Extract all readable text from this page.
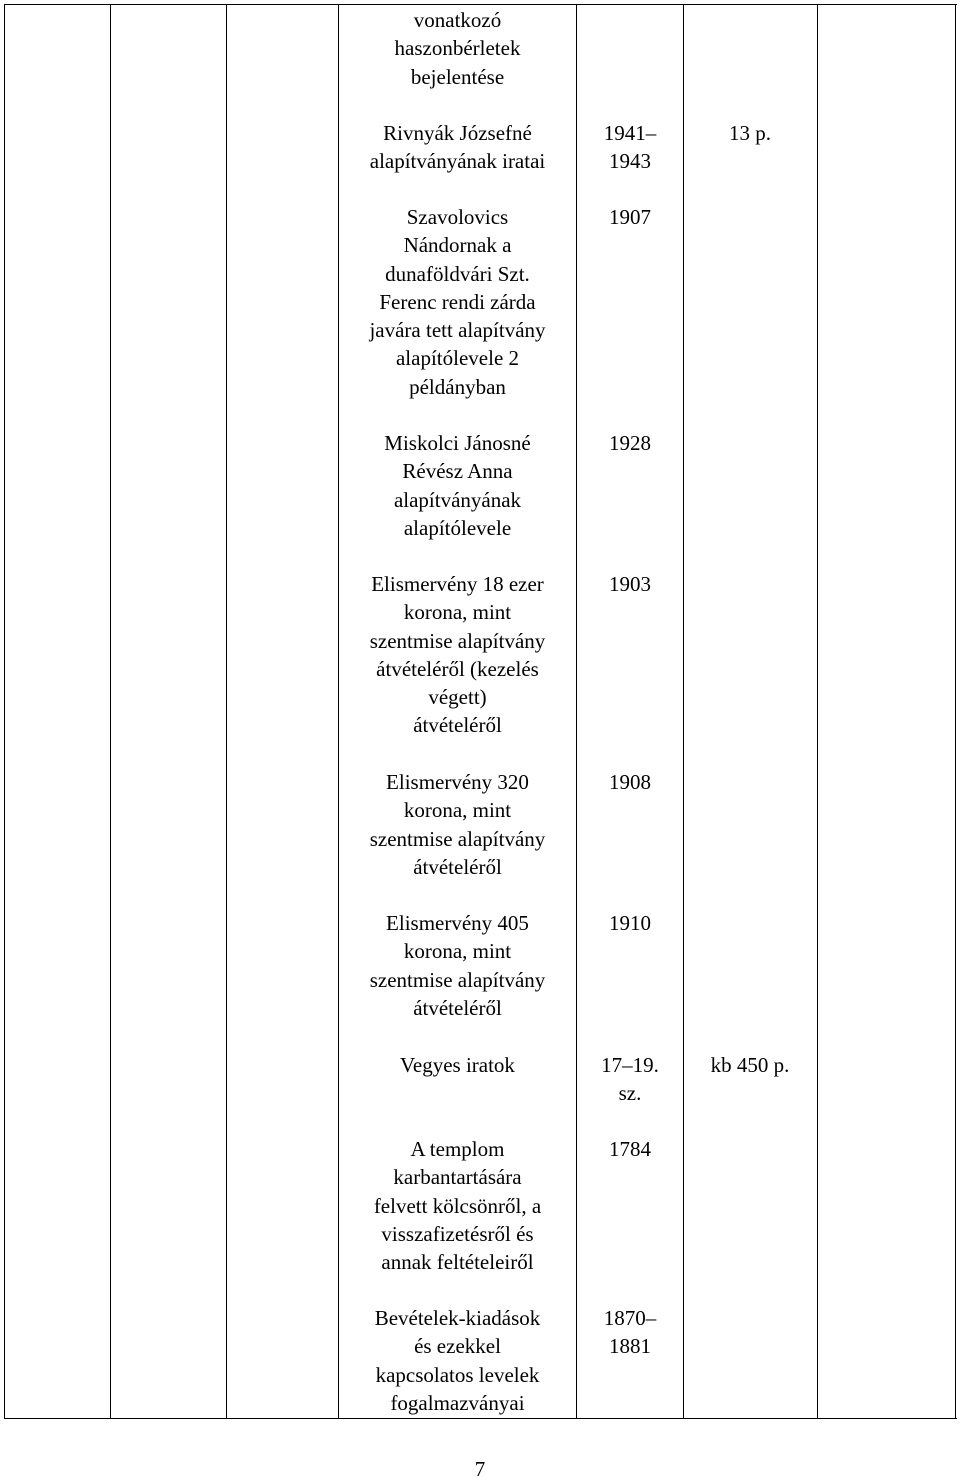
vonatkozó
haszonbérletek
bejelentése
Rivnyák Józsefné
alapítványának iratai
1941–
1943
13 p.
Szavolovics
Nándornak a
dunaföldvári Szt.
Ferenc rendi zárda
javára tett alapítvány
alapítólevele 2
példányban
1907
Miskolci Jánosné
Révész Anna
alapítványának
alapítólevele
1928
Elismervény 18 ezer
korona, mint
szentmise alapítvány
átvételéről (kezelés
végett)
átvételéről
1903
Elismervény 320
korona, mint
szentmise alapítvány
átvételéről
1908
Elismervény 405
korona, mint
szentmise alapítvány
átvételéről
1910
Vegyes iratok	17–19.
sz.
kb 450 p.
A templom
karbantartására
felvett kölcsönről, a
visszafizetésről és
annak feltételeiről
1784
Bevételek-kiadások
és ezekkel
kapcsolatos levelek
fogalmazványai
1870–
1881
7
